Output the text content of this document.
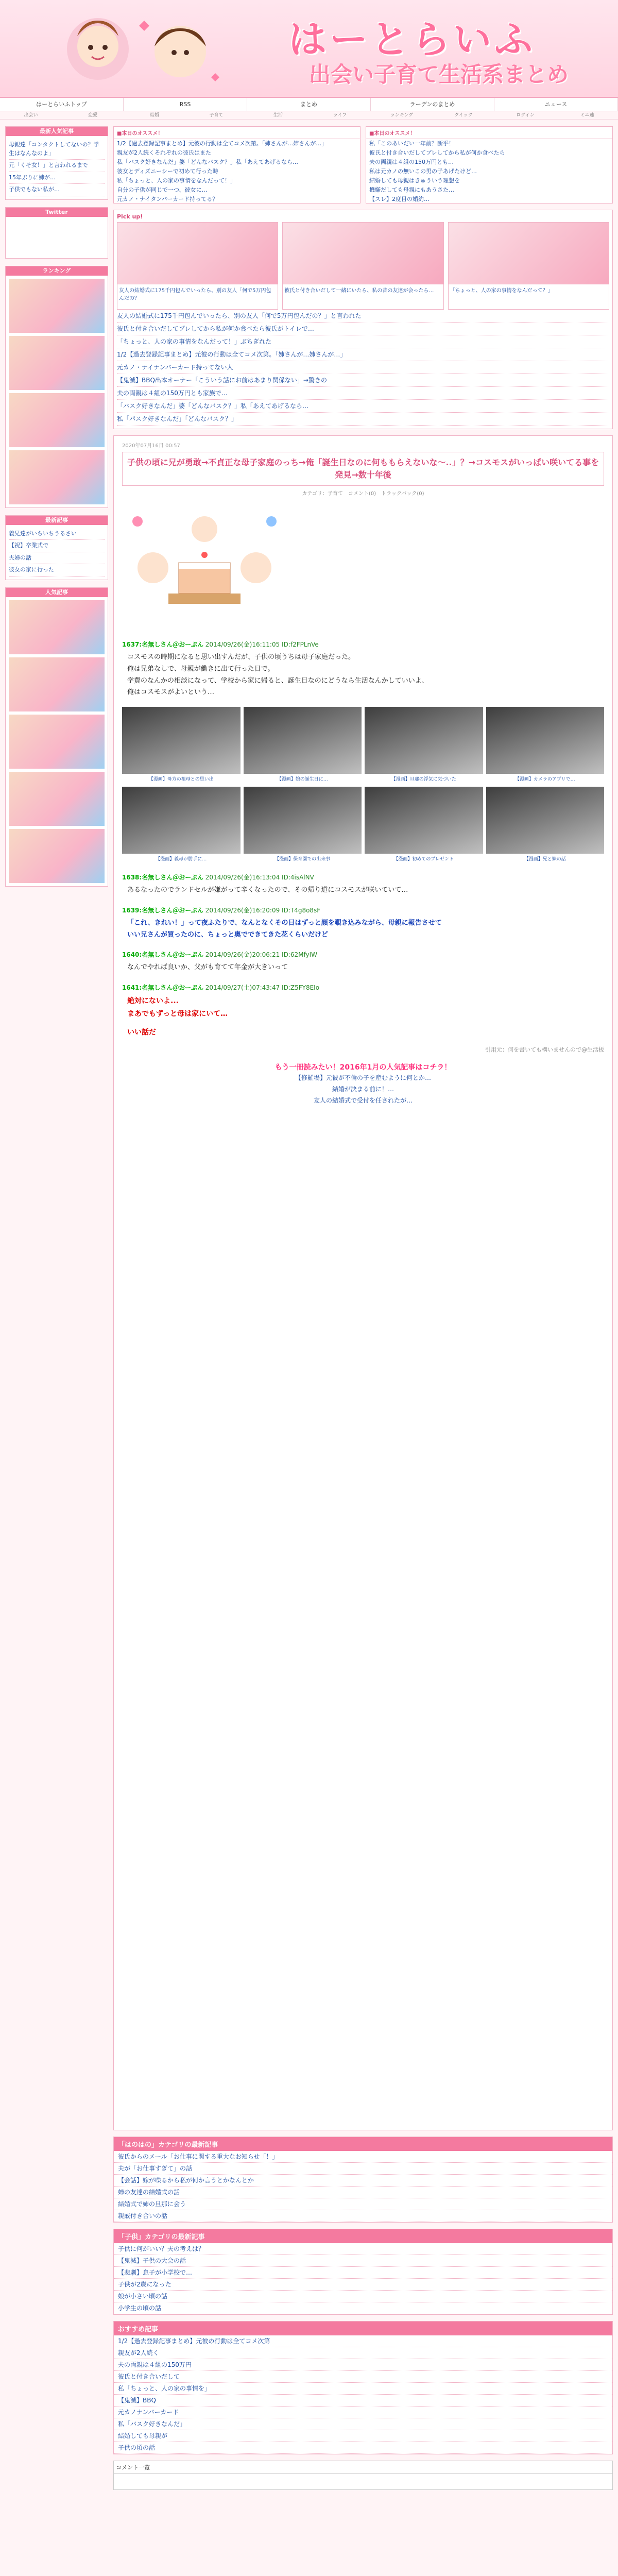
はーとらいふ
出会い子育て生活系まとめ
はーとらいふトップ	RSS	まとめ	ラーデンのまとめ	ニュース
出会い	恋愛	結婚	子育て	生活	ライフ	ランキング	クイック	ログイン	ミニ速
最新人気記事
母親達「コンタクトしてないの？学生はなんなのよ」
元「くそ女！」と言われるまで
15年ぶりに姉が…
子供でもない私が…
Twitter
ランキング
最新記事
義兄達がいちいちうるさい
【祝】卒業式で
夫婦の話
彼女の家に行った
人気記事
■本日のオススメ！
1/2【過去登録記事まとめ】元彼の行動は全てコメ次第。「姉さんが…姉さんが…」
親友が2人続くそれぞれの彼氏はまた
私「バスク好きなんだ」婆「どんなバスク？」私「あえてあげるなら…
彼女とディズニーシーで初めて行った時
私「ちょっと、人の家の事情をなんだって！」
自分の子供が同じで一つ、彼女に…
元カノ・ナイタンバーカード持ってる？
■本日のオススメ！
私「このあいだい一年前？断乎！
彼氏と付き合いだしてプレしてから私が何か食べたら
夫の両親は４組の150万円とも…
私は元カノの無いこの男の子あげたけど…
結婚しても母親はきゅういう理想を
機嫌だしても母親にもあうさた…
【スレ】2度目の婚約…
Pick up!
友人の結婚式に175千円包んでいったら、別の友人「何で5万円包んだの？
彼氏と付き合いだして一緒にいたら、私の昔の友達が会ったら…	「ちょっと、人の家の事情をなんだって？」
友人の結婚式に175千円包んでいったら、別の友人「何で5万円包んだの？」と言われた
彼氏と付き合いだしてプレしてから私が何か食べたら彼氏がトイレで…
「ちょっと、人の家の事情をなんだって！」ぶちぎれた
1/2【過去登録記事まとめ】元彼の行動は全てコメ次第。「姉さんが…姉さんが…」
元カノ・ナイナンバーカード持ってない人
【鬼滅】BBQ出本オーナー「こういう話にお前はあまり関係ない」→驚きの
夫の両親は４組の150万円とも家族で…
「バスク好きなんだ」婆「どんなバスク？」私「あえてあげるなら…
私「パスク好きなんだ」「どんなバスク？」
2020年07月16日 00:57
子供の頃に兄が勇敢→不貞正な母子家庭のっち→俺「誕生日なのに何ももらえないな～..」？→コスモスがいっぱい咲いてる事を発見→数十年後
カテゴリ：子育て　コメント(0)　トラックバック(0)
1637:名無しさん＠おーぷん 2014/09/26(金)16:11:05 ID:f2FPLnVe
コスモスの時期になると思い出すんだが、子供の頃うちは母子家庭だった。
俺は兄弟なしで、母親が働きに出て行った日で。
学費のなんかの相談になって、学校から家に帰ると、誕生日なのにどうなら生活なんかしていいよ、
俺はコスモスがよいという…
【漫画】母方の祖母との思い出	【漫画】娘の誕生日に…	【漫画】旦那の浮気に気づいた	【漫画】カメラのアプリで…
【漫画】義母が勝手に…	【漫画】保育園での出来事	【漫画】初めてのプレゼント	【漫画】兄と妹の話
1638:名無しさん＠おーぷん 2014/09/26(金)16:13:04 ID:4isAlNV
あるなったのでランドセルが嫌がって辛くなったので、その帰り道にコスモスが咲いていて…
1639:名無しさん＠おーぷん 2014/09/26(金)16:20:09 ID:T4g8o8sF
「これ、きれい！」って夜ふたりで、なんとなくその日はずっと顔を覗き込みながら、母親に報告させて
いい兄さんが買ったのに、ちょっと奥でできてきた花くらいだけど
1640:名無しさん＠おーぷん 2014/09/26(金)20:06:21 ID:62MfyIW
なんでやれば良いか、父がも育てて年金が大きいって
1641:名無しさん＠おーぷん 2014/09/27(土)07:43:47 ID:Z5FY8EIo
絶対にないよ...
まあでもずっと母は家にいて…
いい話だ
引用元：何を書いても構いませんので@生活板
もう一冊読みたい！2016年1月の人気記事はコチラ！
【修羅場】元彼が不倫の子を産むように何とか…
結婚が決まる前に！…
友人の結婚式で受付を任されたが…
「はのはの」カテゴリの最新記事
彼氏からのメール「お仕事に関する重大なお知らせ「！」
夫が「お仕事すぎて」の話
【会話】嫁が喋るから私が何か言うとかなんとか
姉の友達の結婚式の話
結婚式で姉の旦那に会う
親戚付き合いの話
「子供」カテゴリの最新記事
子供に何がいい？夫の考えは？
【鬼滅】子供の大会の話
【悲劇】息子が小学校で…
子供が2歳になった
娘が小さい頃の話
小学生の頃の話
おすすめ記事
1/2【過去登録記事まとめ】元彼の行動は全てコメ次第
親友が2人続く
夫の両親は４組の150万円
彼氏と付き合いだして
私「ちょっと、人の家の事情を」
【鬼滅】BBQ
元カノナンバーカード
私「バスク好きなんだ」
結婚しても母親が
子供の頃の話
コメント一覧
